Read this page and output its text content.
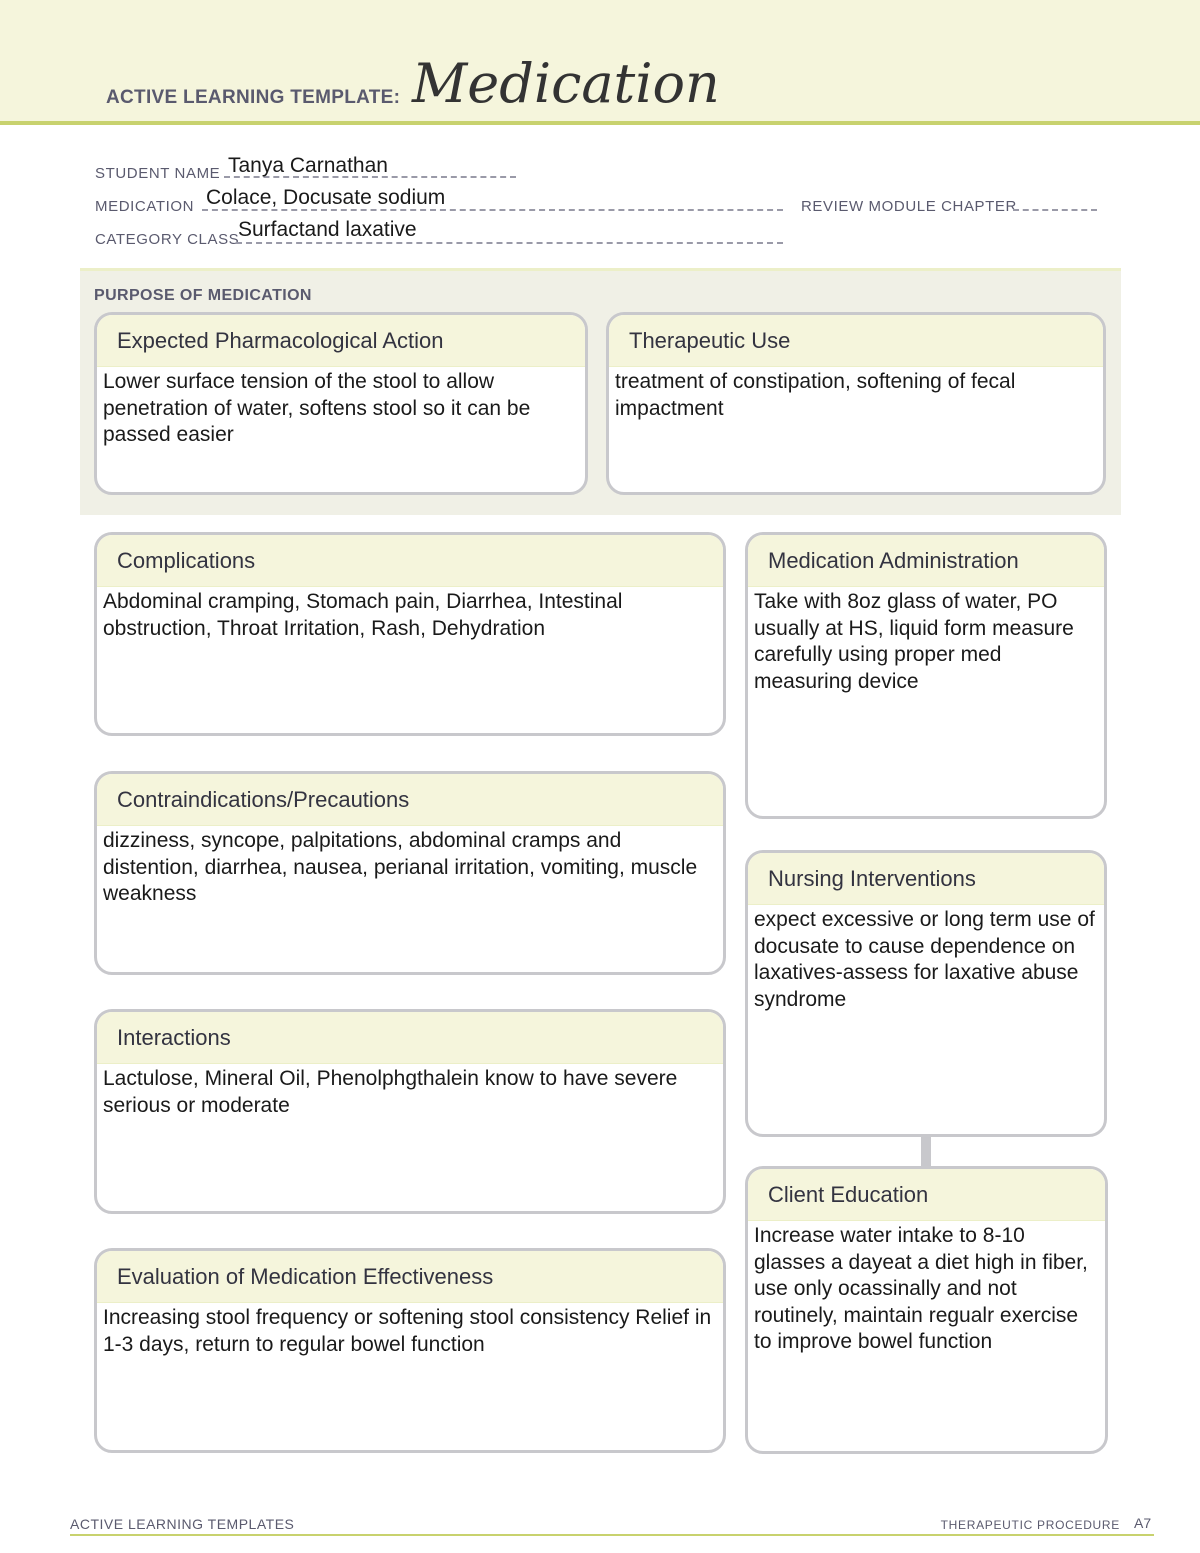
ACTIVE LEARNING TEMPLATE: Medication
STUDENT NAME Tanya Carnathan
MEDICATION Colace, Docusate sodium	REVIEW MODULE CHAPTER
CATEGORY CLASS
Surfactand laxative
PURPOSE OF MEDICATION
Expected Pharmacological Action
Lower surface tension of the stool to allow penetration of water, softens stool so it can be passed easier
Therapeutic Use
treatment of constipation, softening of fecal impactment
Complications
Abdominal cramping, Stomach pain, Diarrhea, Intestinal obstruction, Throat Irritation, Rash, Dehydration
Contraindications/Precautions
dizziness, syncope, palpitations, abdominal cramps and distention, diarrhea, nausea, perianal irritation, vomiting, muscle weakness
Interactions
Lactulose, Mineral Oil, Phenolphgthalein know to have severe serious or moderate
Evaluation of Medication Effectiveness
Increasing stool frequency or softening stool consistency Relief in 1-3 days, return to regular bowel function
Medication Administration
Take with 8oz glass of water, PO usually at HS, liquid form measure carefully using proper med measuring device
Nursing Interventions
expect excessive or long term use of docusate to cause dependence on laxatives-assess for laxative abuse syndrome
Client Education
Increase water intake to 8-10 glasses a dayeat a diet high in fiber, use only ocassinally and not routinely, maintain regualr exercise to improve bowel function
ACTIVE LEARNING TEMPLATES	THERAPEUTIC PROCEDURE A7
